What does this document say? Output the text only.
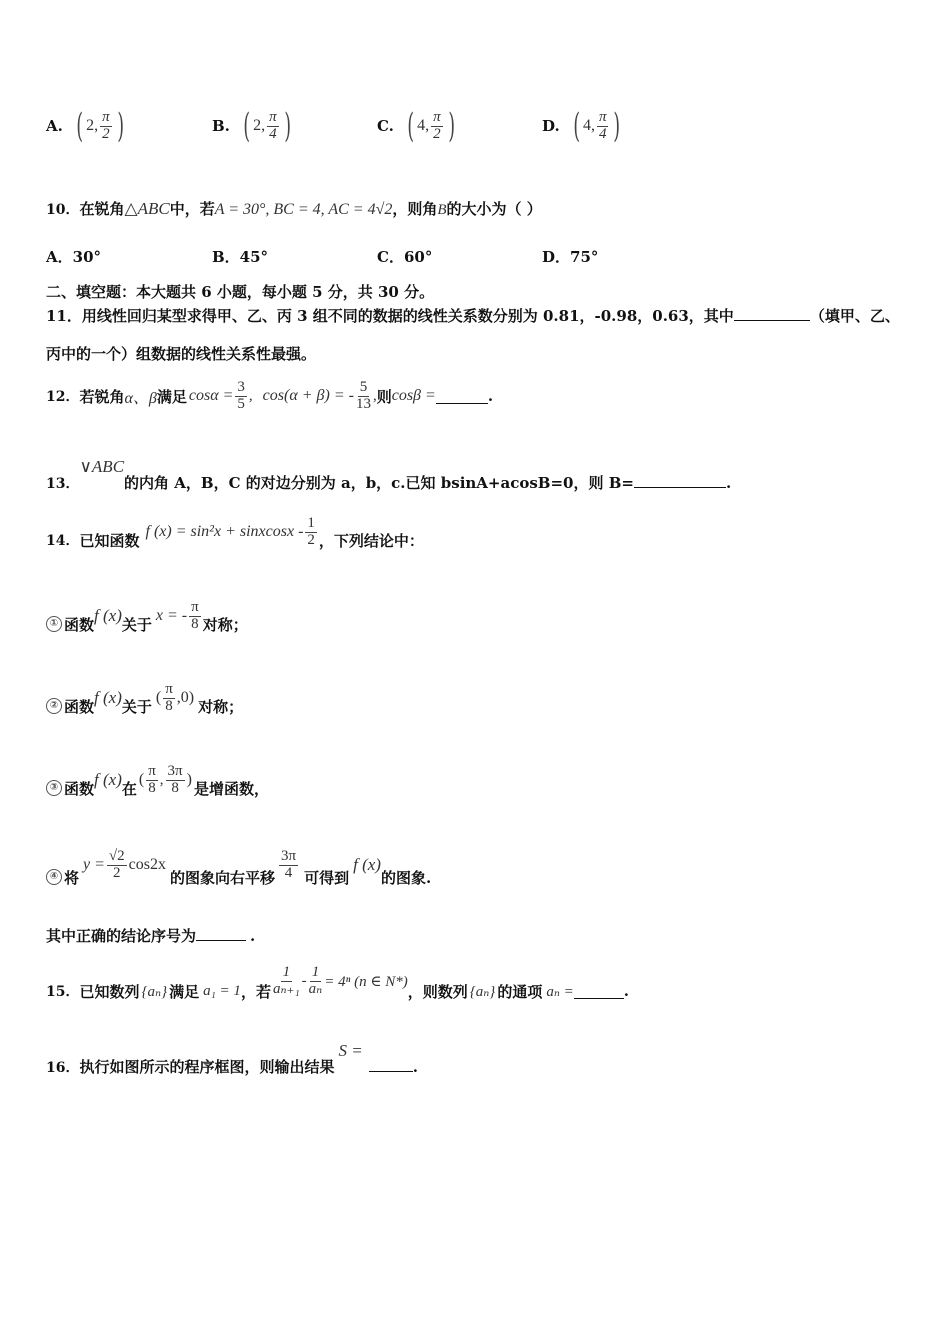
A. ( 2, $\frac{\pi}{2}$ )	B. ( 2, $\frac{\pi}{4}$ )	C. ( 4, $\frac{\pi}{2}$ )	D. ( 4, $\frac{\pi}{4}$ )
10．在锐角△ABC中，若A = 30°, BC = 4, AC = 4√2，则角B的大小为（ ）
A．30°	B．45°	C．60°	D．75°
二、填空题：本大题共 6 小题，每小题 5 分，共 30 分。
11．用线性回归某型求得甲、乙、丙 3 组不同的数据的线性关系数分别为 0.81，-0.98，0.63，其中	（填甲、乙、
丙中的一个）组数据的线性关系性最强。
12． 若锐角 α、β 满足 $\cos\alpha = \frac{3}{5}$ , cos(α + β) = - $\frac{5}{13}$ , 则 cosβ =	.
13．∨ABC的内角 A，B，C 的对边分别为 a，b，c.已知 bsinA+acosB=0，则 B=	.
14． 已知函数 f (x) = sin²x + sinxcosx - $\frac{1}{2}$ ，下列结论中：
① 函数 f (x) 关于 x = - $\frac{\pi}{8}$ 对称；
② 函数 f (x) 关于 ( $\frac{\pi}{8} ,0$) 对称；
③ 函数 f (x) 在 ( $\frac{\pi}{8}$ , $\frac{3\pi}{8}$ ) 是增函数，
④ 将
$y = \frac{√2}{2} \cos 2x$
的图象向右平移 $\frac{3\pi}{4}$ 可得到
f (x)
的图象.
其中正确的结论序号为	.
15． 已知数列 {aₙ} 满足 a₁ = 1 ，若 $\frac{1}{\text{aₙ₊₁}} - \frac{1}{\text{aₙ}} = 4^n$ (n ∈ N*)
，则数列 {aₙ} 的通项 aₙ =	.
16．执行如图所示的程序框图，则输出结果S =.
